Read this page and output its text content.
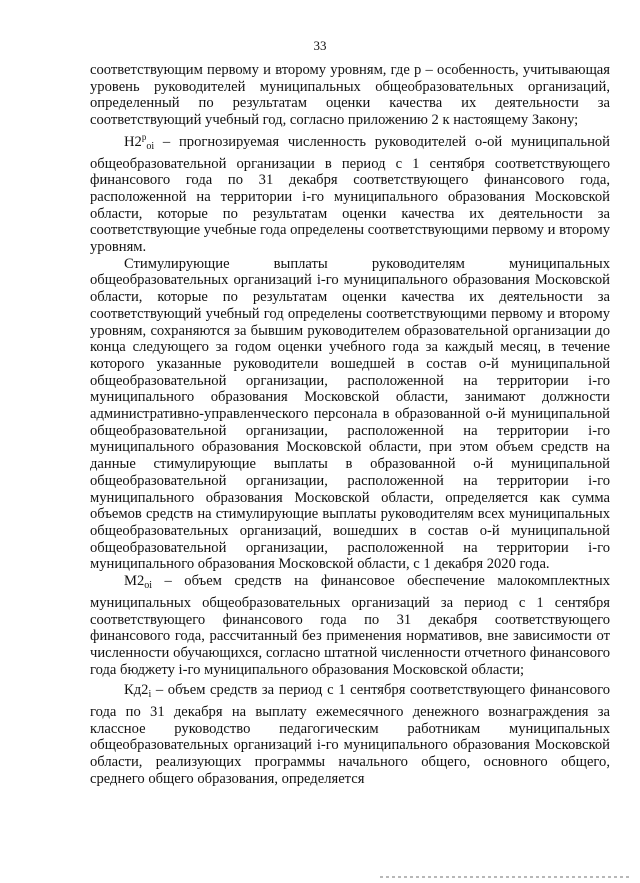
33

соответствующим первому и второму уровням, где р – особенность, учитывающая уровень руководителей муниципальных общеобразовательных организаций, определенный по результатам оценки качества их деятельности за соответствующий учебный год, согласно приложению 2 к настоящему Закону;

$Н2^р_{oi}$ – прогнозируемая численность руководителей о-ой муниципальной общеобразовательной организации в период с 1 сентября соответствующего финансового года по 31 декабря соответствующего финансового года, расположенной на территории i-го муниципального образования Московской области, которые по результатам оценки качества их деятельности за соответствующие учебные года определены соответствующими первому и второму уровням.

Стимулирующие выплаты руководителям муниципальных общеобразовательных организаций i-го муниципального образования Московской области, которые по результатам оценки качества их деятельности за соответствующий учебный год определены соответствующими первому и второму уровням, сохраняются за бывшим руководителем образовательной организации до конца следующего за годом оценки учебного года за каждый месяц, в течение которого указанные руководители вошедшей в состав о-й муниципальной общеобразовательной организации, расположенной на территории i-го муниципального образования Московской области, занимают должности административно-управленческого персонала в образованной о-й муниципальной общеобразовательной организации, расположенной на территории i-го муниципального образования Московской области, при этом объем средств на данные стимулирующие выплаты в образованной о-й муниципальной общеобразовательной организации, расположенной на территории i-го муниципального образования Московской области, определяется как сумма объемов средств на стимулирующие выплаты руководителям всех муниципальных общеобразовательных организаций, вошедших в состав о-й муниципальной общеобразовательной организации, расположенной на территории i-го муниципального образования Московской области, с 1 декабря 2020 года.

$М2_{oi}$ – объем средств на финансовое обеспечение малокомплектных муниципальных общеобразовательных организаций за период с 1 сентября соответствующего финансового года по 31 декабря соответствующего финансового года, рассчитанный без применения нормативов, вне зависимости от численности обучающихся, согласно штатной численности отчетного финансового года бюджету i-го муниципального образования Московской области;

$Кд2_i$ – объем средств за период с 1 сентября соответствующего финансового года по 31 декабря на выплату ежемесячного денежного вознаграждения за классное руководство педагогическим работникам муниципальных общеобразовательных организаций i-го муниципального образования Московской области, реализующих программы начального общего, основного общего, среднего общего образования, определяется
